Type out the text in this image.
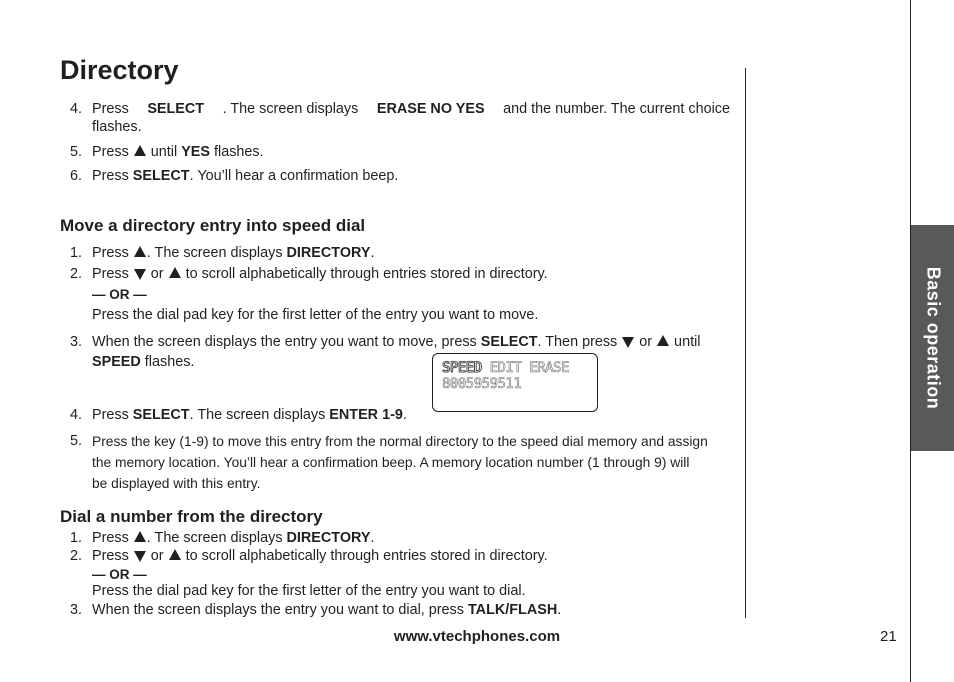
Directory
4. Press SELECT . The screen displays ERASE NO YES and the number. The current choice
flashes.
5. Press  until YES flashes.
6. Press SELECT. You’ll hear a confirmation beep.
Move a directory entry into speed dial
1. Press . The screen displays DIRECTORY.
2. Press  or  to scroll alphabetically through entries stored in directory.
— OR —
Press the dial pad key for the first letter of the entry you want to move.
3. When the screen displays the entry you want to move, press SELECT. Then press  or  until
SPEED flashes.	SPEED EDIT ERASE
8005959511
4. Press SELECT. The screen displays ENTER 1-9.
5. Press the key (1-9) to move this entry from the normal directory to the speed dial memory and assign
the memory location. You’ll hear a confirmation beep. A memory location number (1 through 9) will
be displayed with this entry.
Dial a number from the directory
1. Press . The screen displays DIRECTORY.
2. Press  or  to scroll alphabetically through entries stored in directory.
— OR —
Press the dial pad key for the first letter of the entry you want to dial.
3. When the screen displays the entry you want to dial, press TALK/FLASH.
Basic operation
www.vtechphones.com	21
